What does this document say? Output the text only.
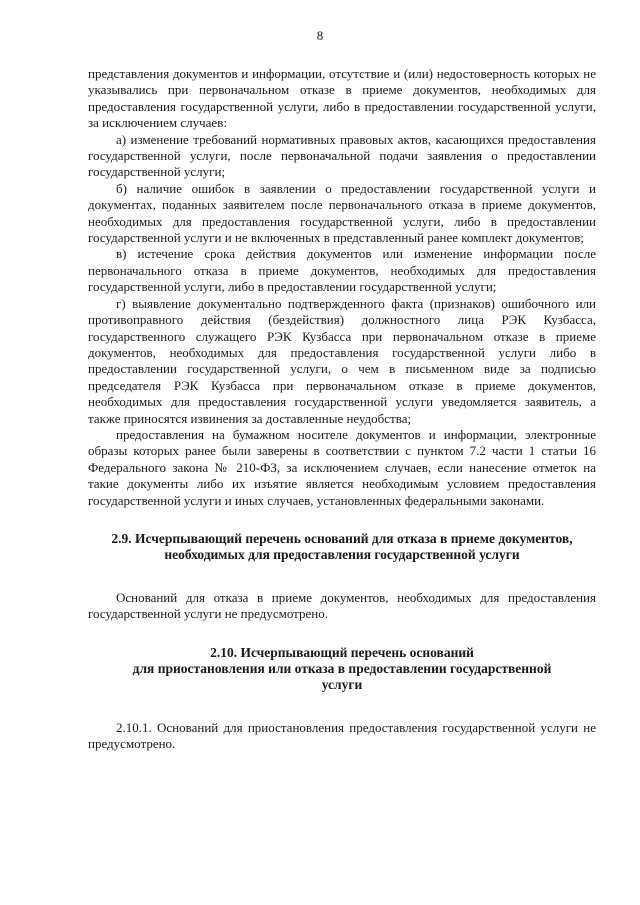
8

представления документов и информации, отсутствие и (или) недостоверность которых не указывались при первоначальном отказе в приеме документов, необходимых для предоставления государственной услуги, либо в предоставлении государственной услуги, за исключением случаев:

а) изменение требований нормативных правовых актов, касающихся предоставления государственной услуги, после первоначальной подачи заявления о предоставлении государственной услуги;

б) наличие ошибок в заявлении о предоставлении государственной услуги и документах, поданных заявителем после первоначального отказа в приеме документов, необходимых для предоставления государственной услуги, либо в предоставлении государственной услуги и не включенных в представленный ранее комплект документов;

в) истечение срока действия документов или изменение информации после первоначального отказа в приеме документов, необходимых для предоставления государственной услуги, либо в предоставлении государственной услуги;

г) выявление документально подтвержденного факта (признаков) ошибочного или противоправного действия (бездействия) должностного лица РЭК Кузбасса, государственного служащего РЭК Кузбасса при первоначальном отказе в приеме документов, необходимых для предоставления государственной услуги либо в предоставлении государственной услуги, о чем в письменном виде за подписью председателя РЭК Кузбасса при первоначальном отказе в приеме документов, необходимых для предоставления государственной услуги уведомляется заявитель, а также приносятся извинения за доставленные неудобства;

предоставления на бумажном носителе документов и информации, электронные образы которых ранее были заверены в соответствии с пунктом 7.2 части 1 статьи 16 Федерального закона № 210-ФЗ, за исключением случаев, если нанесение отметок на такие документы либо их изъятие является необходимым условием предоставления государственной услуги и иных случаев, установленных федеральными законами.

2.9. Исчерпывающий перечень оснований для отказа в приеме документов, необходимых для предоставления государственной услуги

Оснований для отказа в приеме документов, необходимых для предоставления государственной услуги не предусмотрено.

2.10. Исчерпывающий перечень оснований

для приостановления или отказа в предоставлении государственной

услуги

2.10.1. Оснований для приостановления предоставления государственной услуги не предусмотрено.
